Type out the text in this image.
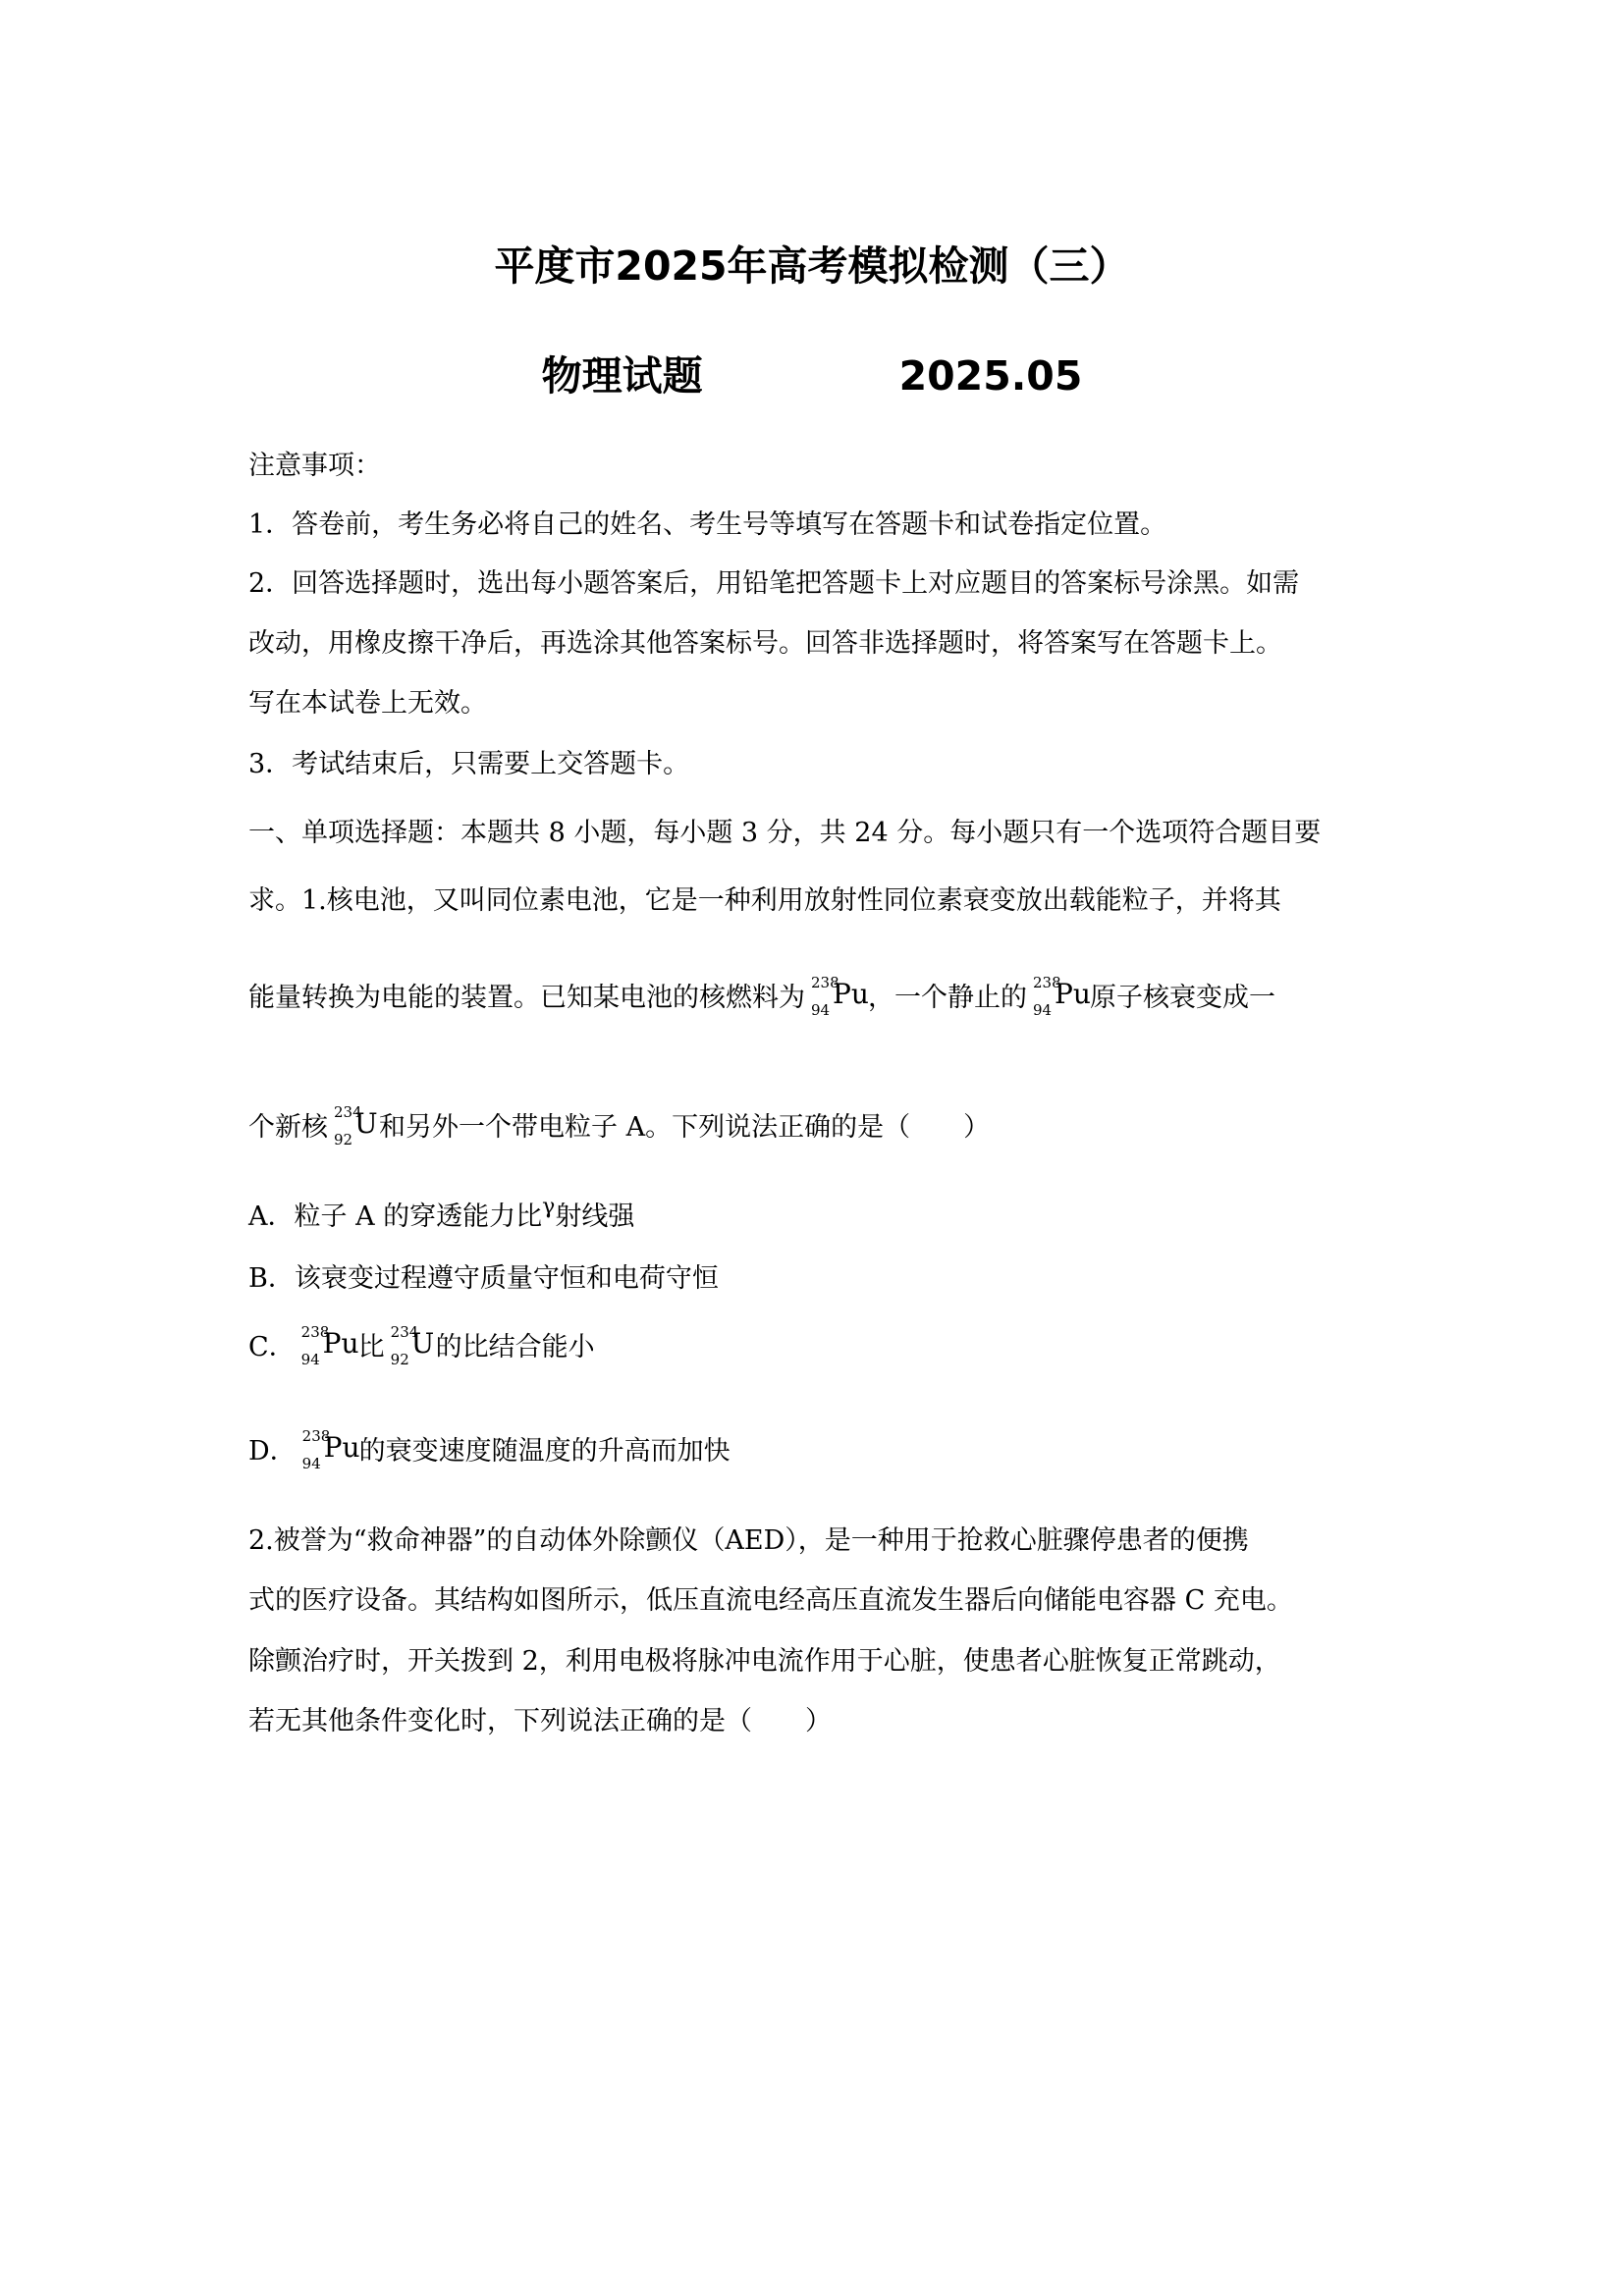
平度市2025年高考模拟检测（三）
物理试题	2025.05
注意事项：
1．答卷前，考生务必将自己的姓名、考生号等填写在答题卡和试卷指定位置。
2．回答选择题时，选出每小题答案后，用铅笔把答题卡上对应题目的答案标号涂黑。如需
改动，用橡皮擦干净后，再选涂其他答案标号。回答非选择题时，将答案写在答题卡上。
写在本试卷上无效。
3．考试结束后，只需要上交答题卡。
一、单项选择题：本题共 8 小题，每小题 3 分，共 24 分。每小题只有一个选项符合题目要
求。1.核电池，又叫同位素电池，它是一种利用放射性同位素衰变放出载能粒子，并将其
能量转换为电能的装置。已知某电池的核燃料为
238
94 Pu ，一个静止的
238
94 Pu 原子核衰变成一
个新核
234
92 U 和另外一个带电粒子 A。下列说法正确的是（　　）
A．粒子 A 的穿透能力比$^\gamma$射线强
B．该衰变过程遵守质量守恒和电荷守恒
C．
238
94 Pu 比
234
92 U 的比结合能小
D．
238
94 Pu 的衰变速度随温度的升高而加快
2.被誉为“救命神器”的自动体外除颤仪（AED），是一种用于抢救心脏骤停患者的便携
式的医疗设备。其结构如图所示，低压直流电经高压直流发生器后向储能电容器 C 充电。
除颤治疗时，开关拨到 2，利用电极将脉冲电流作用于心脏，使患者心脏恢复正常跳动，
若无其他条件变化时，下列说法正确的是（　　）
